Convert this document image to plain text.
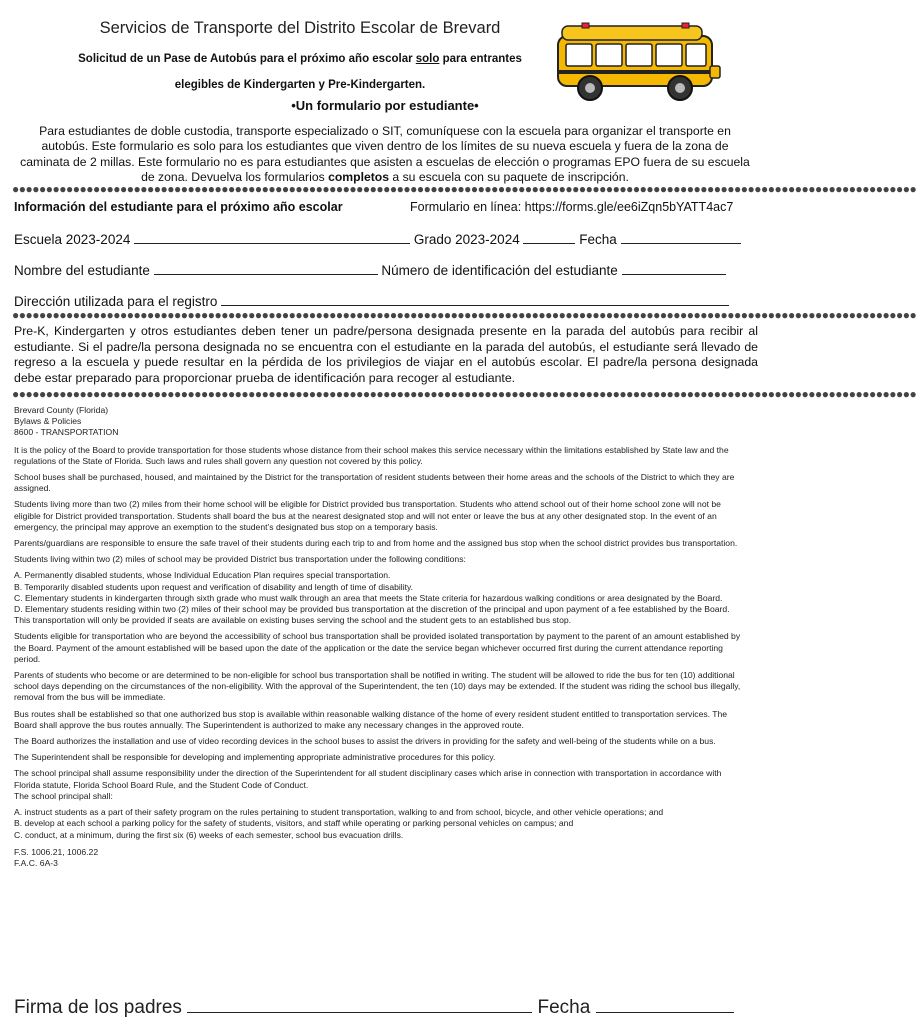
Servicios de Transporte del Distrito Escolar de Brevard
Solicitud de un Pase de Autobús para el próximo año escolar solo para entrantes
elegibles de Kindergarten y Pre-Kindergarten.
•Un formulario por estudiante•
Para estudiantes de doble custodia, transporte especializado o SIT, comuníquese con la escuela para organizar el transporte en autobús. Este formulario es solo para los estudiantes que viven dentro de los límites de su nueva escuela y fuera de la zona de caminata de 2 millas. Este formulario no es para estudiantes que asisten a escuelas de elección o programas EPO fuera de su escuela de zona. Devuelva los formularios completos a su escuela con su paquete de inscripción.
●●●●●●●●●●●●●●●●●●●●●●●●●●●●●●●●●●●●●●●●●●●●●●●●●●●●●●●●●●●●●●●●●●●●●●●●●●●●●●●●●●●●●●●●●●●●●●●●●●●●●●●●●●●●●●●●●●●●●●●●●●●●●●●●●●●●●●
Información del estudiante para el próximo año escolar	Formulario en línea: https://forms.gle/ee6iZqn5bYATT4ac7
Escuela 2023-2024	Grado 2023-2024	Fecha
Nombre del estudiante	Número de identificación del estudiante
Dirección utilizada para el registro
●●●●●●●●●●●●●●●●●●●●●●●●●●●●●●●●●●●●●●●●●●●●●●●●●●●●●●●●●●●●●●●●●●●●●●●●●●●●●●●●●●●●●●●●●●●●●●●●●●●●●●●●●●●●●●●●●●●●●●●●●●●●●●●●●●●●●●
Pre-K, Kindergarten y otros estudiantes deben tener un padre/persona designada presente en la parada del autobús para recibir al estudiante. Si el padre/la persona designada no se encuentra con el estudiante en la parada del autobús, el estudiante será llevado de regreso a la escuela y puede resultar en la pérdida de los privilegios de viajar en el autobús escolar. El padre/la persona designada debe estar preparado para proporcionar prueba de identificación para recoger al estudiante.
●●●●●●●●●●●●●●●●●●●●●●●●●●●●●●●●●●●●●●●●●●●●●●●●●●●●●●●●●●●●●●●●●●●●●●●●●●●●●●●●●●●●●●●●●●●●●●●●●●●●●●●●●●●●●●●●●●●●●●●●●●●●●●●●●●●●●●

Brevard County (Florida)

Bylaws & Policies

8600 - TRANSPORTATION

It is the policy of the Board to provide transportation for those students whose distance from their school makes this service necessary within the limitations established by State law and the regulations of the State of Florida. Such laws and rules shall govern any question not covered by this policy.

School buses shall be purchased, housed, and maintained by the District for the transportation of resident students between their home areas and the schools of the District to which they are assigned.

Students living more than two (2) miles from their home school will be eligible for District provided bus transportation. Students who attend school out of their home school zone will not be eligible for District provided transportation. Students shall board the bus at the nearest designated stop and will not enter or leave the bus at any other designated stop. In the event of an emergency, the principal may approve an exemption to the student’s designated bus stop on a temporary basis.

Parents/guardians are responsible to ensure the safe travel of their students during each trip to and from home and the assigned bus stop when the school district provides bus transportation.

Students living within two (2) miles of school may be provided District bus transportation under the following conditions:

A. Permanently disabled students, whose Individual Education Plan requires special transportation.
B. Temporarily disabled students upon request and verification of disability and length of time of disability.
C. Elementary students in kindergarten through sixth grade who must walk through an area that meets the State criteria for hazardous walking conditions or area designated by the Board.
D. Elementary students residing within two (2) miles of their school may be provided bus transportation at the discretion of the principal and upon payment of a fee established by the Board. This transportation will only be provided if seats are available on existing buses serving the school and the student gets to an established bus stop.

Students eligible for transportation who are beyond the accessibility of school bus transportation shall be provided isolated transportation by payment to the parent of an amount established by the Board. Payment of the amount established will be based upon the date of the application or the date the service began whichever occurred first during the current attendance reporting period.

Parents of students who become or are determined to be non-eligible for school bus transportation shall be notified in writing. The student will be allowed to ride the bus for ten (10) additional school days depending on the circumstances of the non-eligibility. With the approval of the Superintendent, the ten (10) days may be extended. If the student was riding the school bus illegally, removal from the bus will be immediate.

Bus routes shall be established so that one authorized bus stop is available within reasonable walking distance of the home of every resident student entitled to transportation services. The Board shall approve the bus routes annually. The Superintendent is authorized to make any necessary changes in the approved route.

The Board authorizes the installation and use of video recording devices in the school buses to assist the drivers in providing for the safety and well-being of the students while on a bus.

The Superintendent shall be responsible for developing and implementing appropriate administrative procedures for this policy.

The school principal shall assume responsibility under the direction of the Superintendent for all student disciplinary cases which arise in connection with transportation in accordance with Florida statute, Florida School Board Rule, and the Student Code of Conduct.

The school principal shall:

A. instruct students as a part of their safety program on the rules pertaining to student transportation, walking to and from school, bicycle, and other vehicle operations; and
B. develop at each school a parking policy for the safety of students, visitors, and staff while operating or parking personal vehicles on campus; and
C. conduct, at a minimum, during the first six (6) weeks of each semester, school bus evacuation drills.
F.S. 1006.21, 1006.22
F.A.C. 6A-3
Firma de los padres	Fecha
